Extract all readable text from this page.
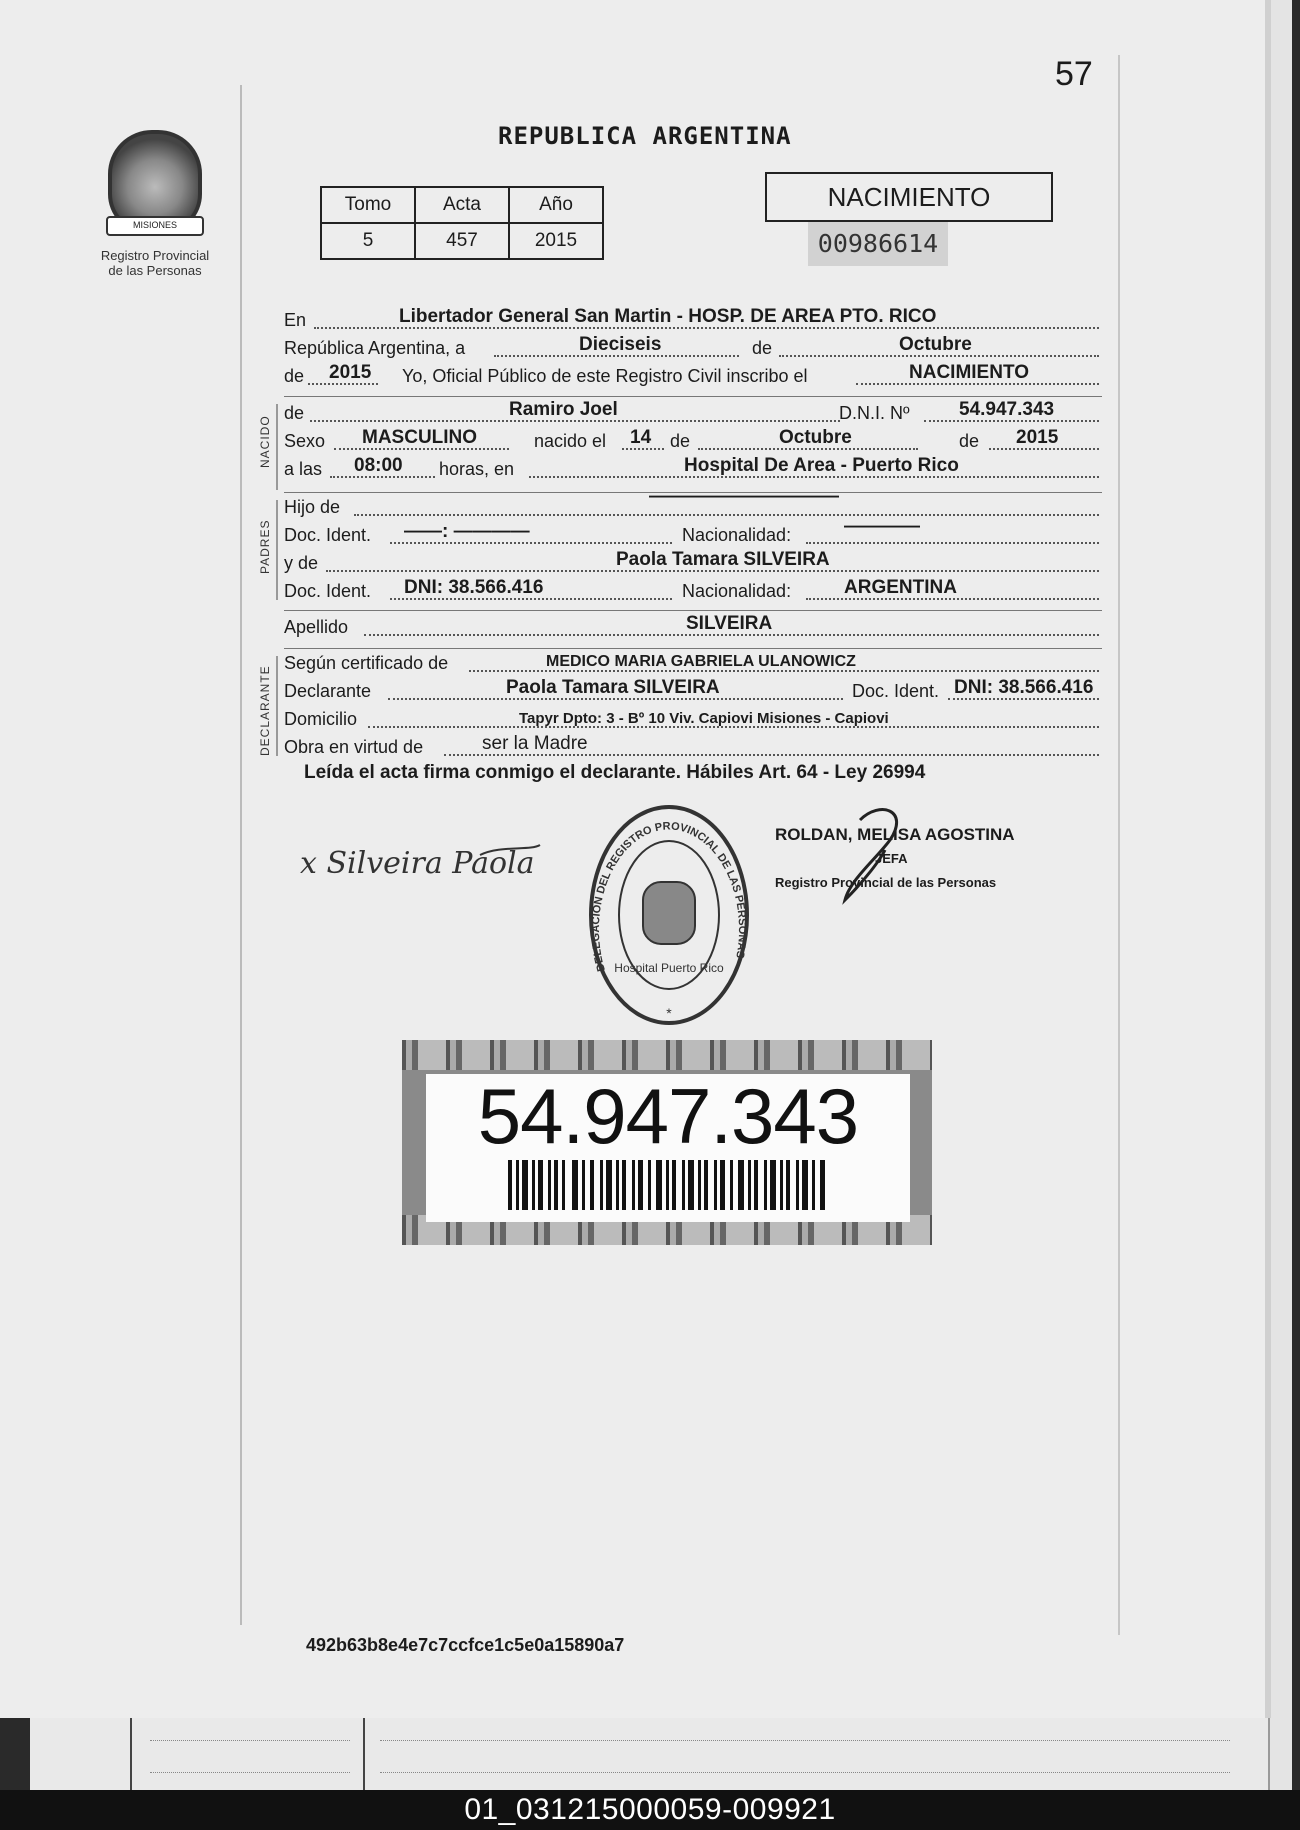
57
MISIONES
Registro Provincial
de las Personas
REPUBLICA ARGENTINA
Tomo	Acta	Año
5	457	2015
NACIMIENTO
00986614
En	Libertador General San Martin - HOSP. DE AREA PTO. RICO
República Argentina, a	Dieciseis	de	Octubre
de 2015 Yo, Oficial Público de este Registro Civil inscribo el	NACIMIENTO
de	Ramiro Joel	D.N.I. Nº	54.947.343
Sexo MASCULINO	nacido el 14 de	Octubre	de 2015
a las 08:00 horas, en	Hospital De Area - Puerto Rico
NACIDO
Hijo de	——————————
Doc. Ident. ——: ————	Nacionalidad:	————
y de	Paola Tamara SILVEIRA
Doc. Ident. DNI: 38.566.416	Nacionalidad:	ARGENTINA
PADRES
Apellido	SILVEIRA
Según certificado de	MEDICO MARIA GABRIELA ULANOWICZ
Declarante	Paola Tamara SILVEIRA	Doc. Ident. DNI: 38.566.416
Domicilio	Tapyr Dpto: 3 - Bº 10 Viv. Capiovi Misiones - Capiovi
Obra en virtud de	ser la Madre
DECLARANTE
Leída el acta firma conmigo el declarante. Hábiles Art. 64 - Ley 26994
x Silveira Paola
DELEGACION DEL REGISTRO PROVINCIAL DE LAS PERSONAS
Hospital Puerto Rico
*
ROLDAN, MELISA AGOSTINA
JEFA
Registro Provincial de las Personas
54.947.343
492b63b8e4e7c7ccfce1c5e0a15890a7
01_031215000059-009921
